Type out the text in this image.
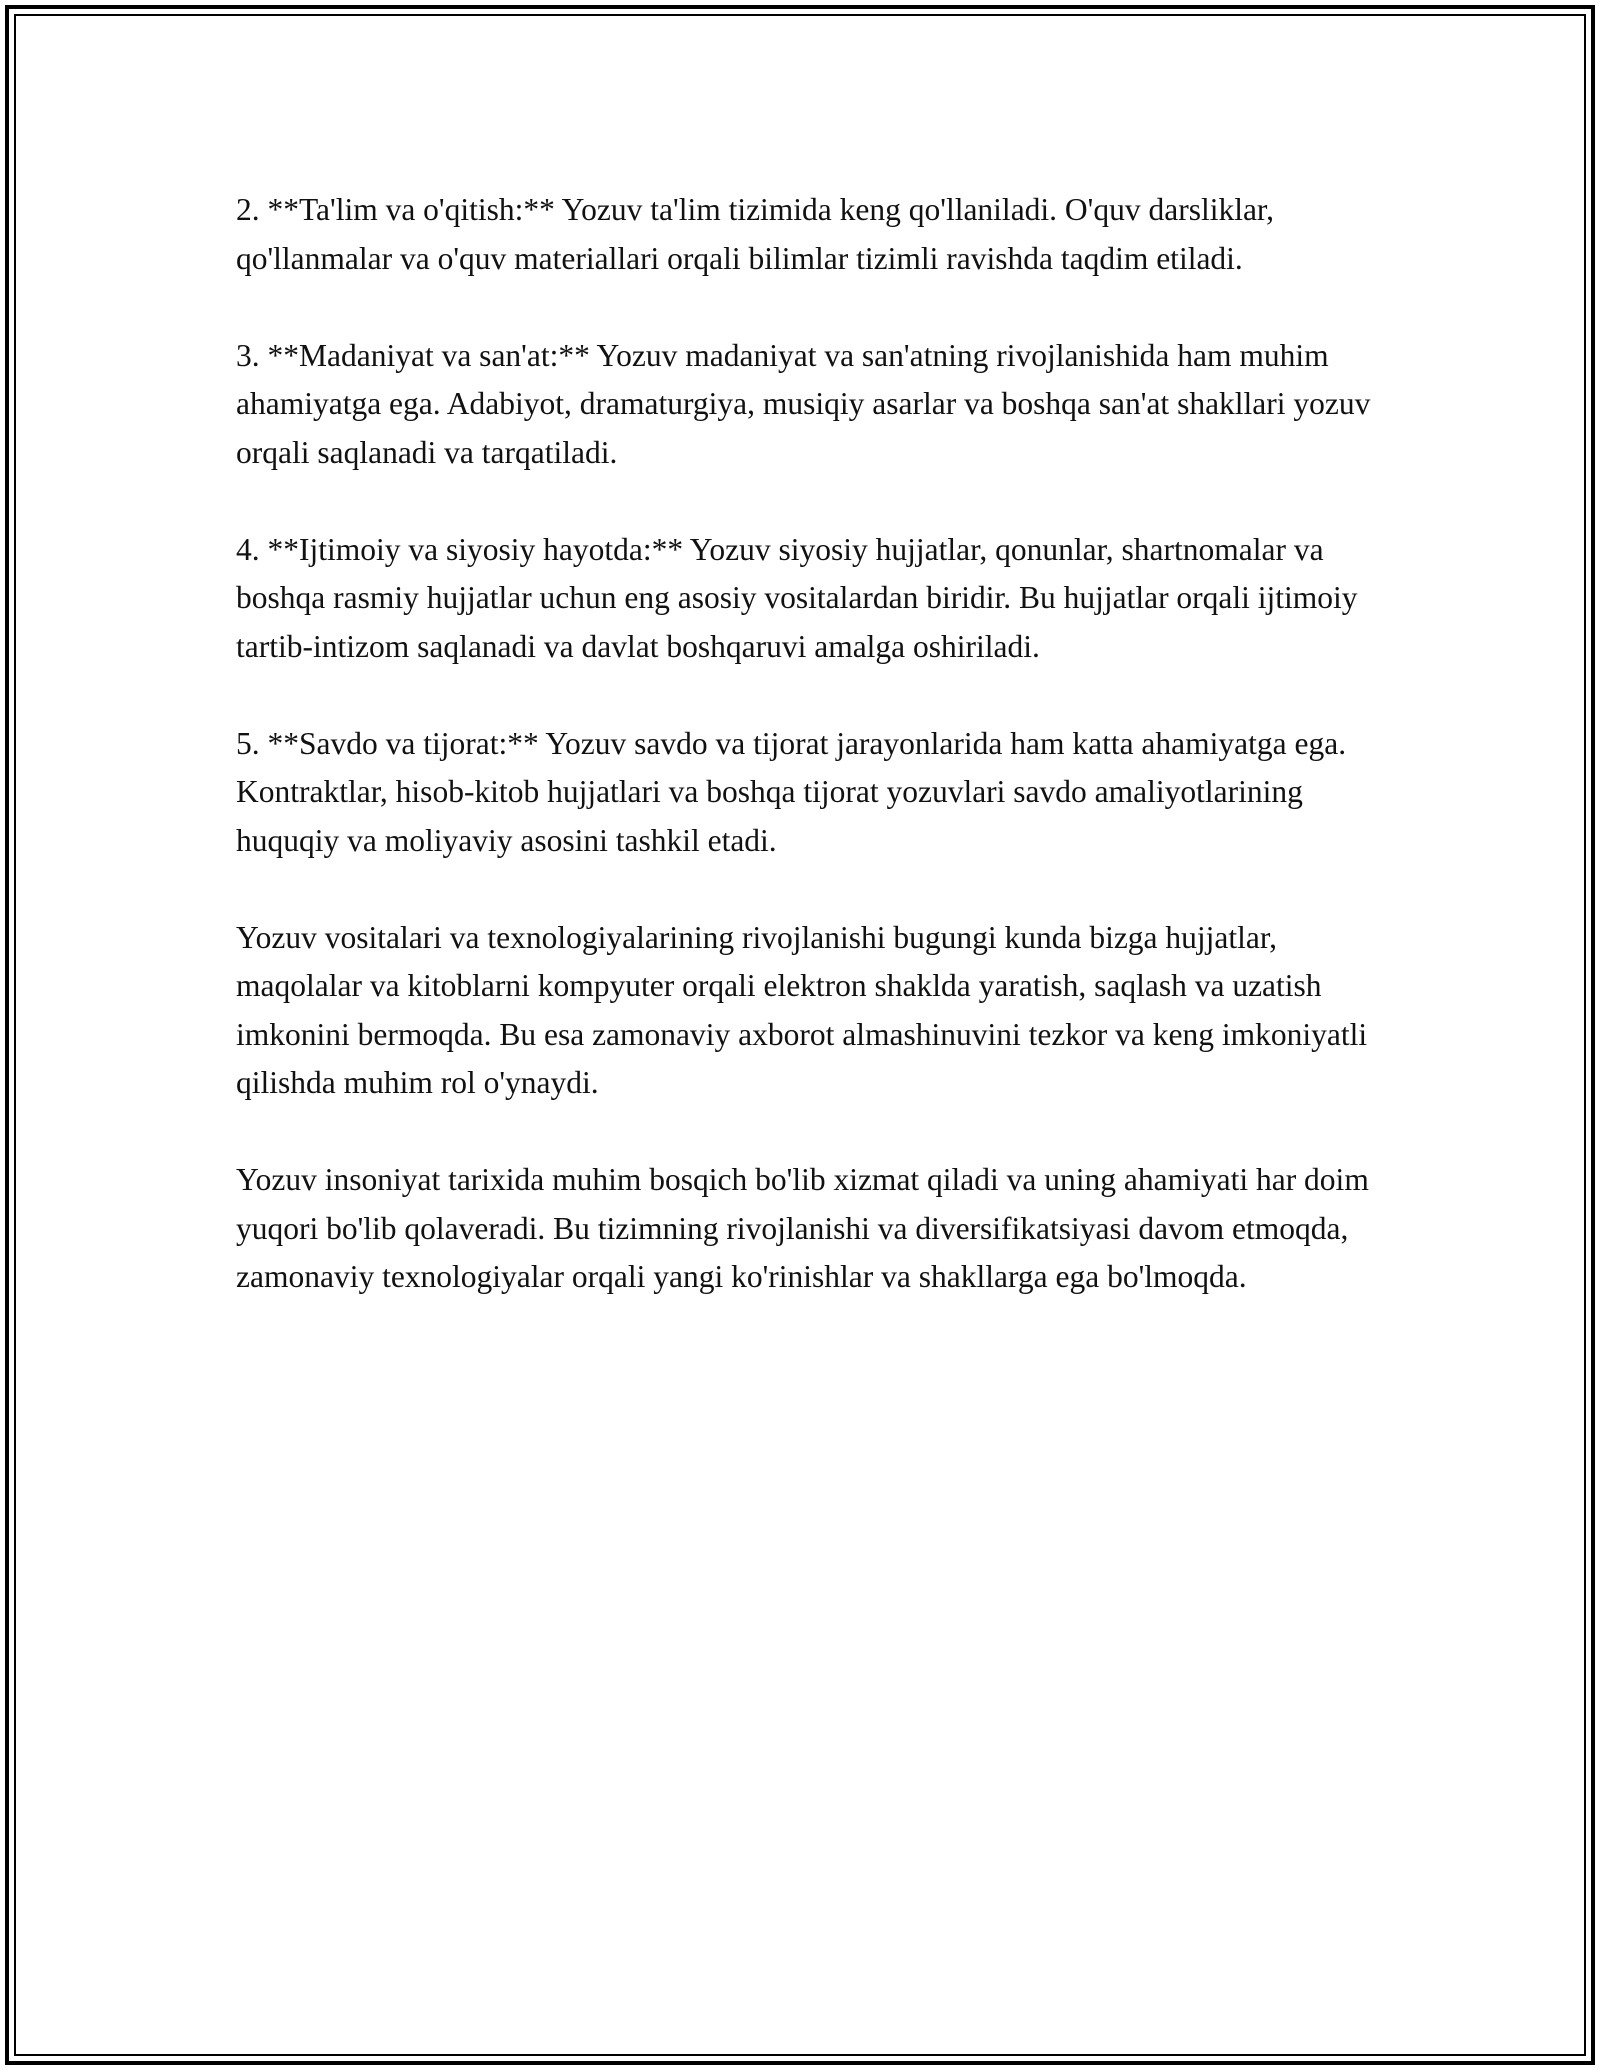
2. **Ta'lim va o'qitish:** Yozuv ta'lim tizimida keng qo'llaniladi. O'quv darsliklar, qo'llanmalar va o'quv materiallari orqali bilimlar tizimli ravishda taqdim etiladi.

3. **Madaniyat va san'at:** Yozuv madaniyat va san'atning rivojlanishida ham muhim ahamiyatga ega. Adabiyot, dramaturgiya, musiqiy asarlar va boshqa san'at shakllari yozuv orqali saqlanadi va tarqatiladi.

4. **Ijtimoiy va siyosiy hayotda:** Yozuv siyosiy hujjatlar, qonunlar, shartnomalar va boshqa rasmiy hujjatlar uchun eng asosiy vositalardan biridir. Bu hujjatlar orqali ijtimoiy tartib-intizom saqlanadi va davlat boshqaruvi amalga oshiriladi.

5. **Savdo va tijorat:** Yozuv savdo va tijorat jarayonlarida ham katta ahamiyatga ega. Kontraktlar, hisob-kitob hujjatlari va boshqa tijorat yozuvlari savdo amaliyotlarining huquqiy va moliyaviy asosini tashkil etadi.

Yozuv vositalari va texnologiyalarining rivojlanishi bugungi kunda bizga hujjatlar, maqolalar va kitoblarni kompyuter orqali elektron shaklda yaratish, saqlash va uzatish imkonini bermoqda. Bu esa zamonaviy axborot almashinuvini tezkor va keng imkoniyatli qilishda muhim rol o'ynaydi.

Yozuv insoniyat tarixida muhim bosqich bo'lib xizmat qiladi va uning ahamiyati har doim yuqori bo'lib qolaveradi. Bu tizimning rivojlanishi va diversifikatsiyasi davom etmoqda, zamonaviy texnologiyalar orqali yangi ko'rinishlar va shakllarga ega bo'lmoqda.
